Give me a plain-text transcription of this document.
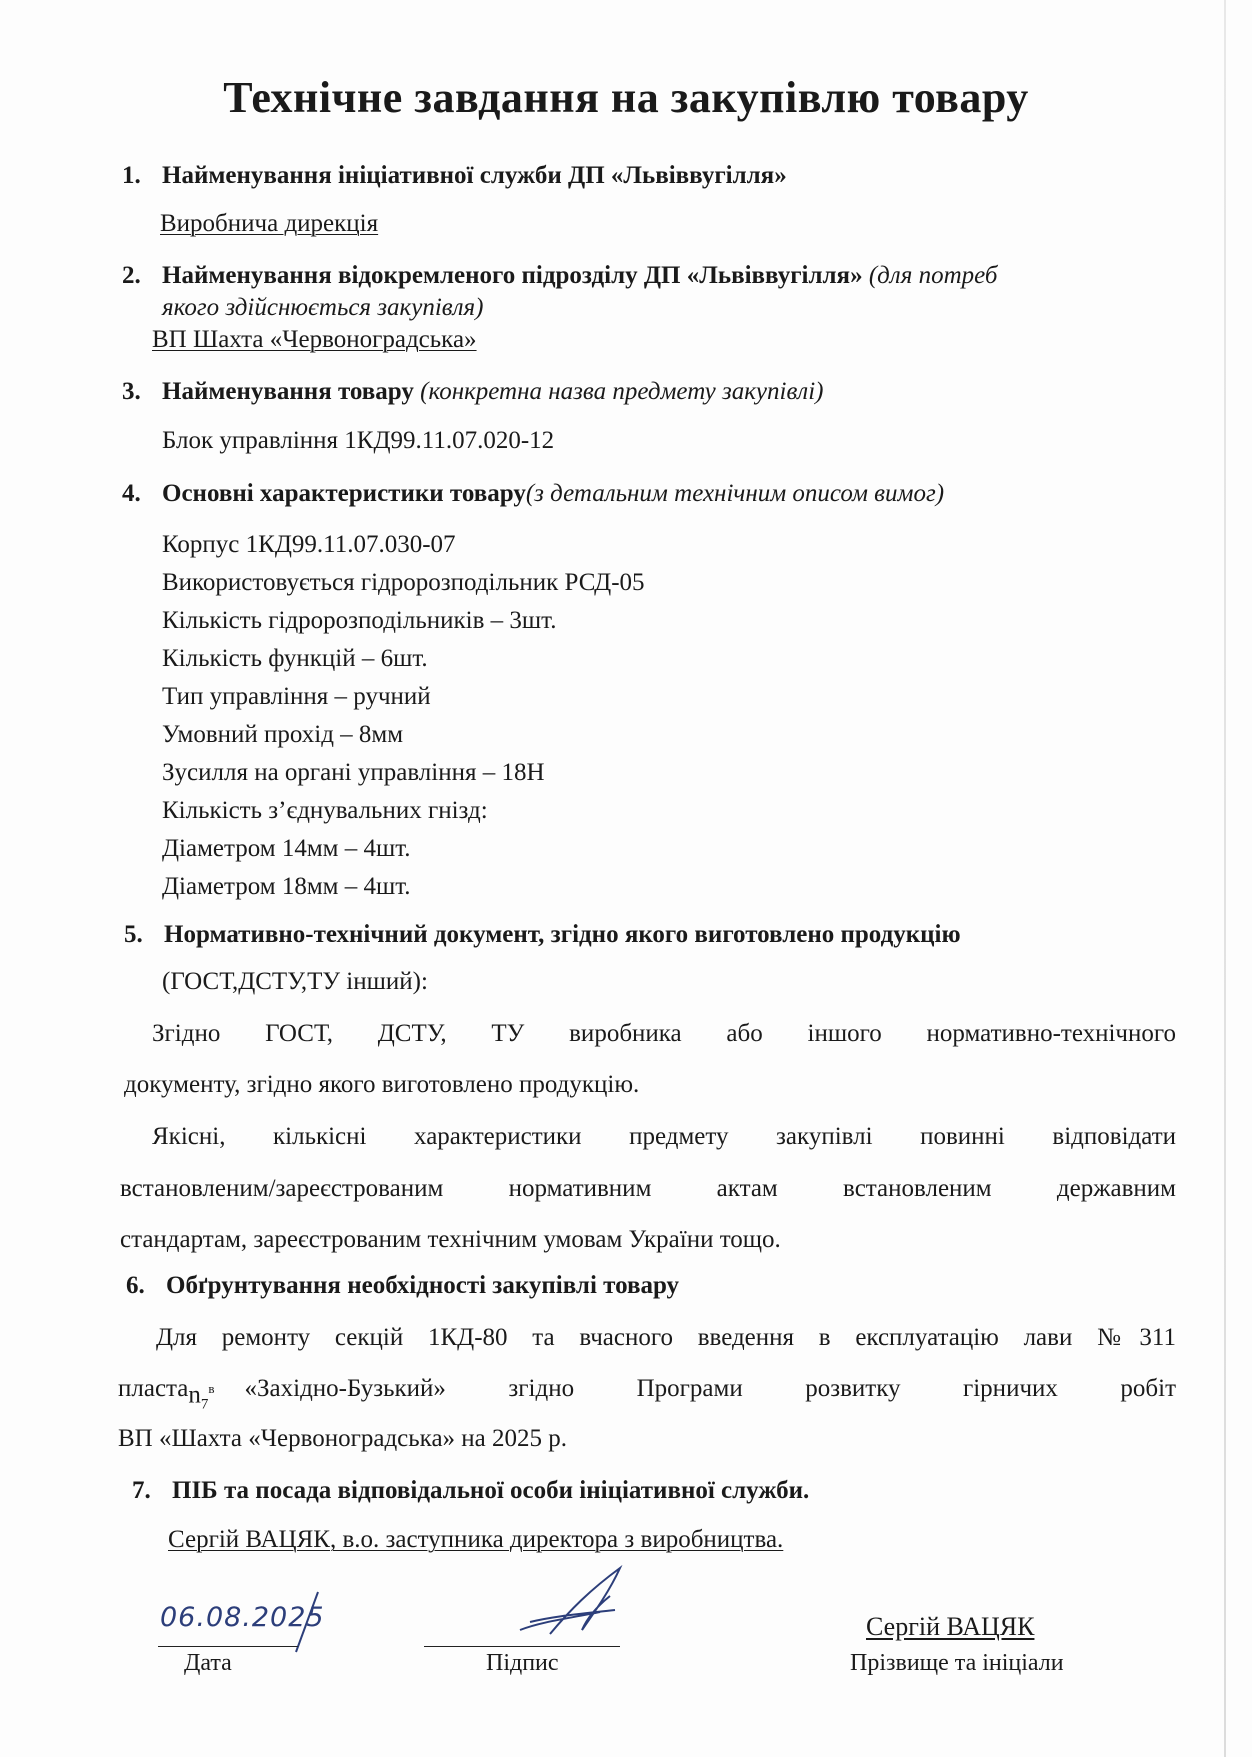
Технічне завдання на закупівлю товару
1. Найменування ініціативної служби ДП «Львіввугілля»
Виробнича дирекція
2. Найменування відокремленого підрозділу ДП «Львіввугілля» (для потреб
якого здійснюється закупівля)
ВП Шахта «Червоноградська»
3. Найменування товару (конкретна назва предмету закупівлі)
Блок управління 1КД99.11.07.020-12
4. Основні характеристики товару(з детальним технічним описом вимог)
Корпус 1КД99.11.07.030-07
Використовується гідророзподільник РСД-05
Кількість гідророзподільників – 3шт.
Кількість функцій – 6шт.
Тип управління – ручний
Умовний прохід – 8мм
Зусилля на органі управління – 18Н
Кількість з’єднувальних гнізд:
Діаметром 14мм – 4шт.
Діаметром 18мм – 4шт.
5. Нормативно-технічний документ, згідно якого виготовлено продукцію
(ГОСТ,ДСТУ,ТУ інший):
Згідно ГОСТ, ДСТУ, ТУ виробника або іншого нормативно-технічного
документу, згідно якого виготовлено продукцію.
Якісні, кількісні характеристики предмету закупівлі повинні відповідати
встановленим/зареєстрованим нормативним актам встановленим державним
стандартам, зареєстрованим технічним умовам України тощо.
6. Обґрунтування необхідності закупівлі товару
Для ремонту секцій 1КД-80 та вчасного введення в експлуатацію лави №311
пласта $n_7^в$ «Західно-Бузький» згідно Програми розвитку гірничих робіт
ВП «Шахта «Червоноградська» на 2025 р.
7. ПІБ та посада відповідальної особи ініціативної служби.
Сергій ВАЦЯК, в.о. заступника директора з виробництва.
06.08.2025
Дата	Підпис
Сергій ВАЦЯК
Прізвище та ініціали
